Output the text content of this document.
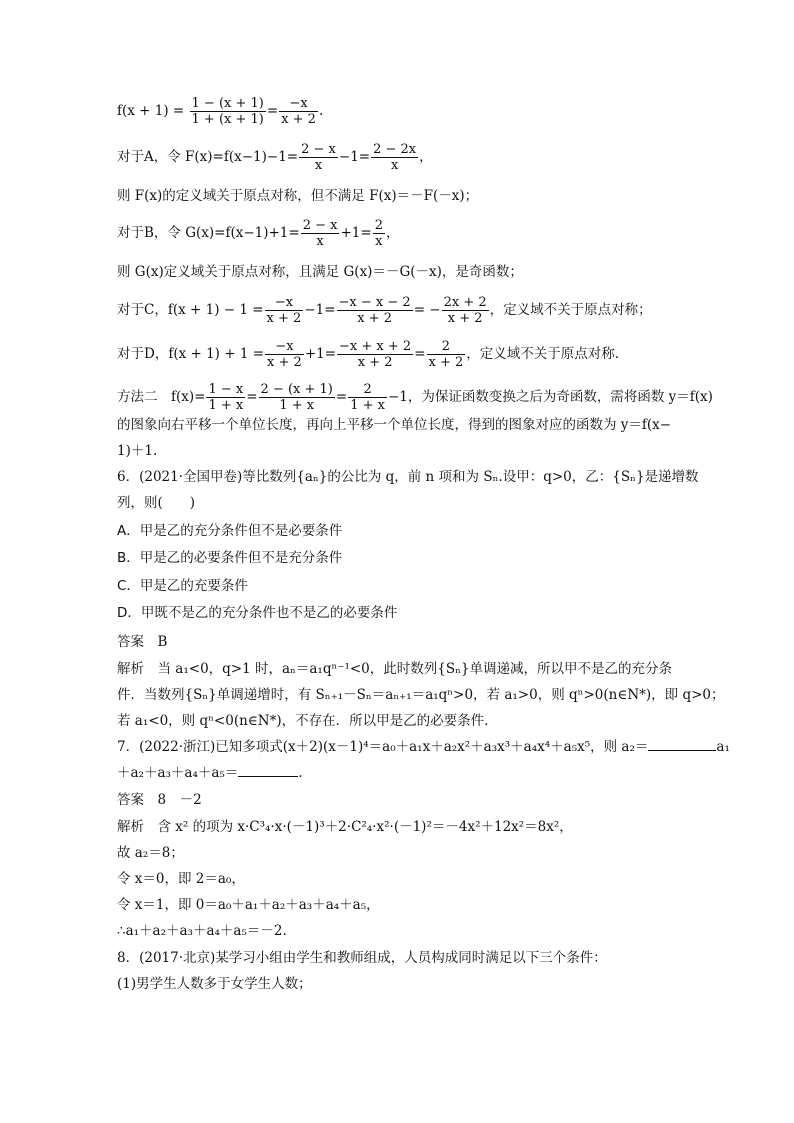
$f(x + 1) = \frac{1 - (x + 1)}{1 + (x + 1)} = \frac{-x}{x + 2}$ .
对于A，令 $F(x)=f(x-1)-1= \frac{2 - x}{x} -1= \frac{2 - 2x}{x}$ ，
则 F(x)的定义域关于原点对称，但不满足 F(x)＝－F(－x)；
对于B，令 $G(x)=f(x-1)+1= \frac{2 - x}{x} +1= \frac{2}{x}$ ，
则 G(x)定义域关于原点对称，且满足 G(x)＝－G(－x)，是奇函数；
对于C，$f(x + 1) - 1 = \frac{-x}{x + 2} -1= \frac{-x - x - 2}{x + 2}$ = − $\frac{2x + 2}{x + 2}$ ，定义域不关于原点对称；
对于D，$f(x + 1) + 1 = \frac{-x}{x + 2} +1= \frac{-x + x + 2}{x + 2} = \frac{2}{x + 2}$ ，定义域不关于原点对称.
方法二　$f(x)= \frac{1 - x}{1 + x} = \frac{2 - (x + 1)}{1 + x} = \frac{2}{1 + x} -1$，为保证函数变换之后为奇函数，需将函数 y＝f(x)
的图象向右平移一个单位长度，再向上平移一个单位长度，得到的图象对应的函数为 y＝f(x−
1)＋1.
6．(2021·全国甲卷)等比数列{aₙ}的公比为 q，前 n 项和为 Sₙ.设甲：q>0，乙：{Sₙ}是递增数
列，则(　　)
A．甲是乙的充分条件但不是必要条件
B．甲是乙的必要条件但不是充分条件
C．甲是乙的充要条件
D．甲既不是乙的充分条件也不是乙的必要条件
答案　B
解析　当 a₁<0，q>1 时，aₙ＝a₁qⁿ⁻¹<0，此时数列{Sₙ}单调递减，所以甲不是乙的充分条
件．当数列{Sₙ}单调递增时，有 Sₙ₊₁－Sₙ＝aₙ₊₁＝a₁qⁿ>0，若 a₁>0，则 qⁿ>0(n∈N*)，即 q>0；
若 a₁<0，则 qⁿ<0(n∈N*)，不存在．所以甲是乙的必要条件.
7．(2022·浙江)已知多项式(x＋2)(x－1)⁴＝a₀＋a₁x＋a₂x²＋a₃x³＋a₄x⁴＋a₅x⁵，则 a₂＝	a₁
＋a₂＋a₃＋a₄＋a₅＝	.
答案　8　－2
解析　含 x² 的项为 x·C³₄·x·(－1)³＋2·C²₄·x²·(－1)²＝－4x²＋12x²＝8x²，
故 a₂＝8；
令 x＝0，即 2＝a₀，
令 x＝1，即 0＝a₀＋a₁＋a₂＋a₃＋a₄＋a₅，
∴a₁＋a₂＋a₃＋a₄＋a₅＝－2.
8．(2017·北京)某学习小组由学生和教师组成，人员构成同时满足以下三个条件：
(1)男学生人数多于女学生人数；
